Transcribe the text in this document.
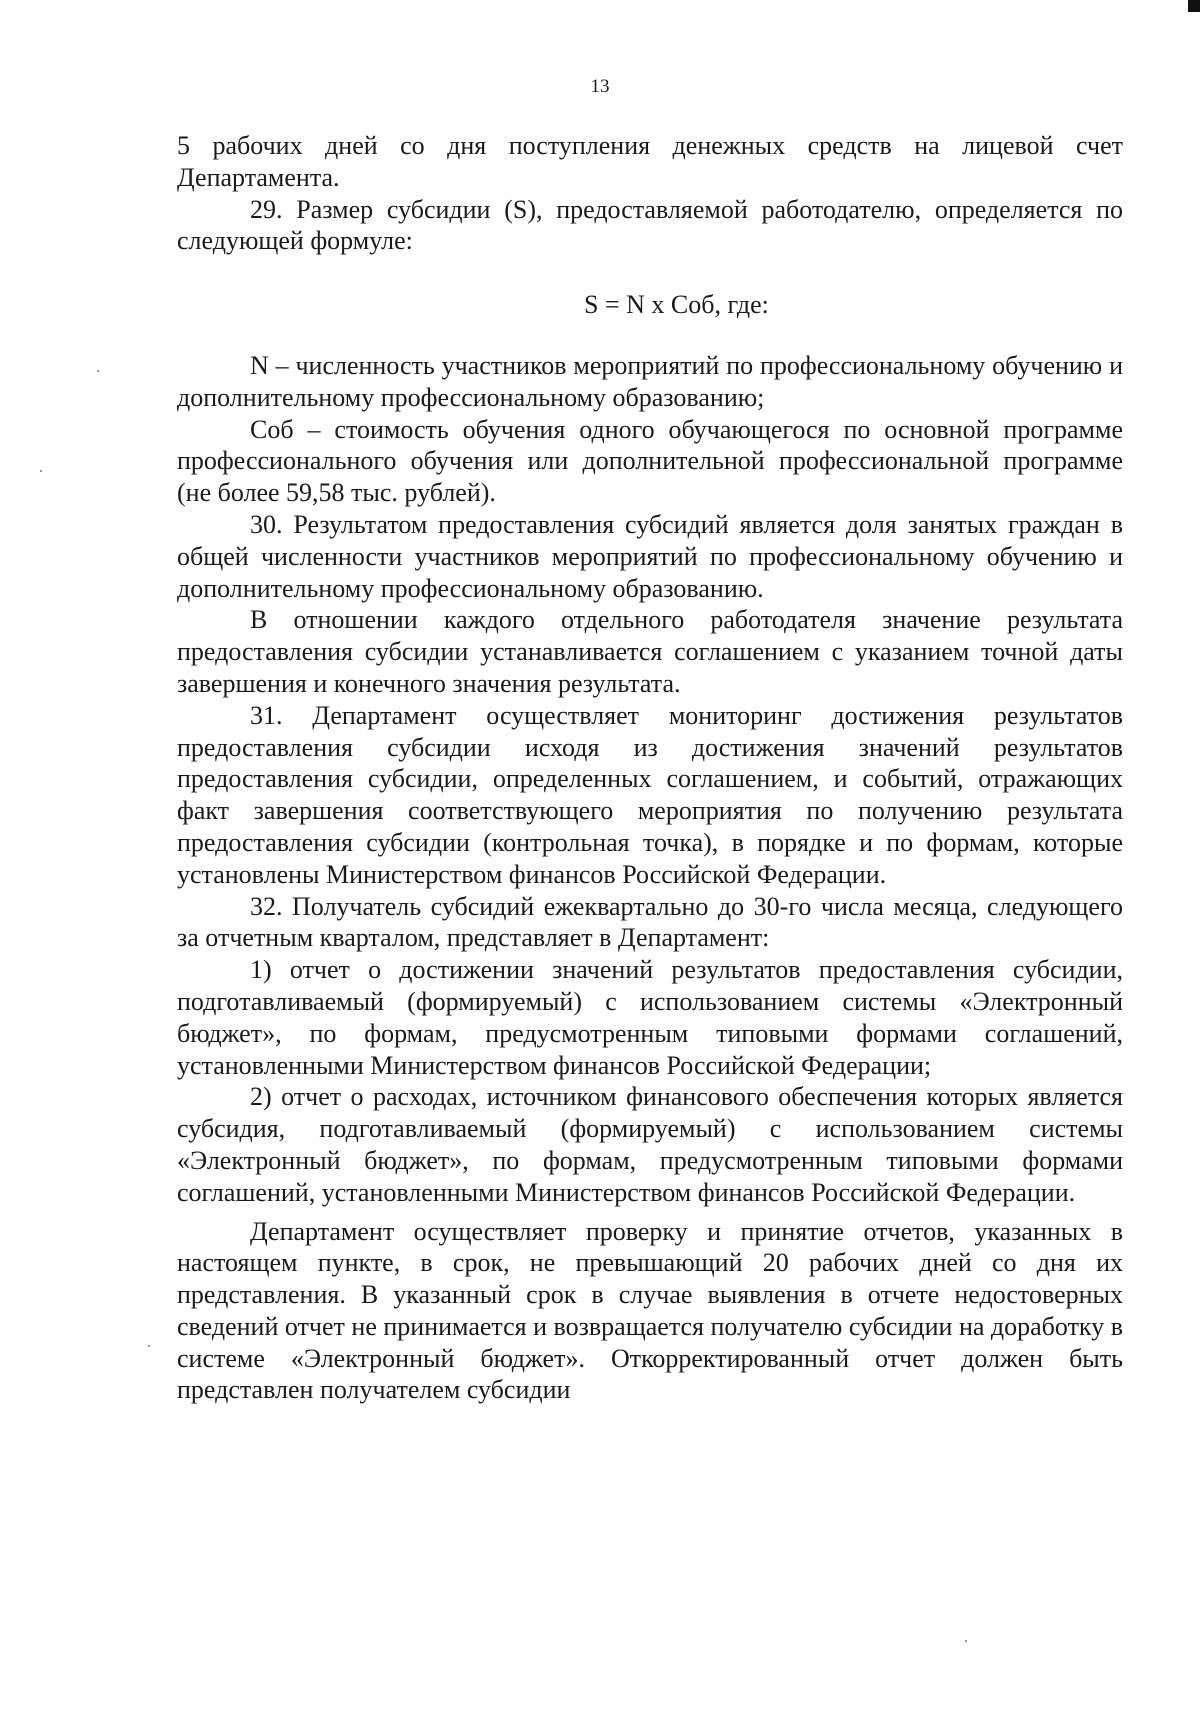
13

5 рабочих дней со дня поступления денежных средств на лицевой счет Департамента.

29. Размер субсидии (S), предоставляемой работодателю, определяется по следующей формуле:

S = N x Соб, где:

N – численность участников мероприятий по профессиональному обучению и дополнительному профессиональному образованию;

Соб – стоимость обучения одного обучающегося по основной программе профессионального обучения или дополнительной профессиональной программе (не более 59,58 тыс. рублей).

30. Результатом предоставления субсидий является доля занятых граждан в общей численности участников мероприятий по профессиональному обучению и дополнительному профессиональному образованию.

В отношении каждого отдельного работодателя значение результата предоставления субсидии устанавливается соглашением с указанием точной даты завершения и конечного значения результата.

31. Департамент осуществляет мониторинг достижения результатов предоставления субсидии исходя из достижения значений результатов предоставления субсидии, определенных соглашением, и событий, отражающих факт завершения соответствующего мероприятия по получению результата предоставления субсидии (контрольная точка), в порядке и по формам, которые установлены Министерством финансов Российской Федерации.

32. Получатель субсидий ежеквартально до 30-го числа месяца, следующего за отчетным кварталом, представляет в Департамент:

1) отчет о достижении значений результатов предоставления субсидии, подготавливаемый (формируемый) с использованием системы «Электронный бюджет», по формам, предусмотренным типовыми формами соглашений, установленными Министерством финансов Российской Федерации;

2) отчет о расходах, источником финансового обеспечения которых является субсидия, подготавливаемый (формируемый) с использованием системы «Электронный бюджет», по формам, предусмотренным типовыми формами соглашений, установленными Министерством финансов Российской Федерации.

Департамент осуществляет проверку и принятие отчетов, указанных в настоящем пункте, в срок, не превышающий 20 рабочих дней со дня их представления. В указанный срок в случае выявления в отчете недостоверных сведений отчет не принимается и возвращается получателю субсидии на доработку в системе «Электронный бюджет». Откорректированный отчет должен быть представлен получателем субсидии
